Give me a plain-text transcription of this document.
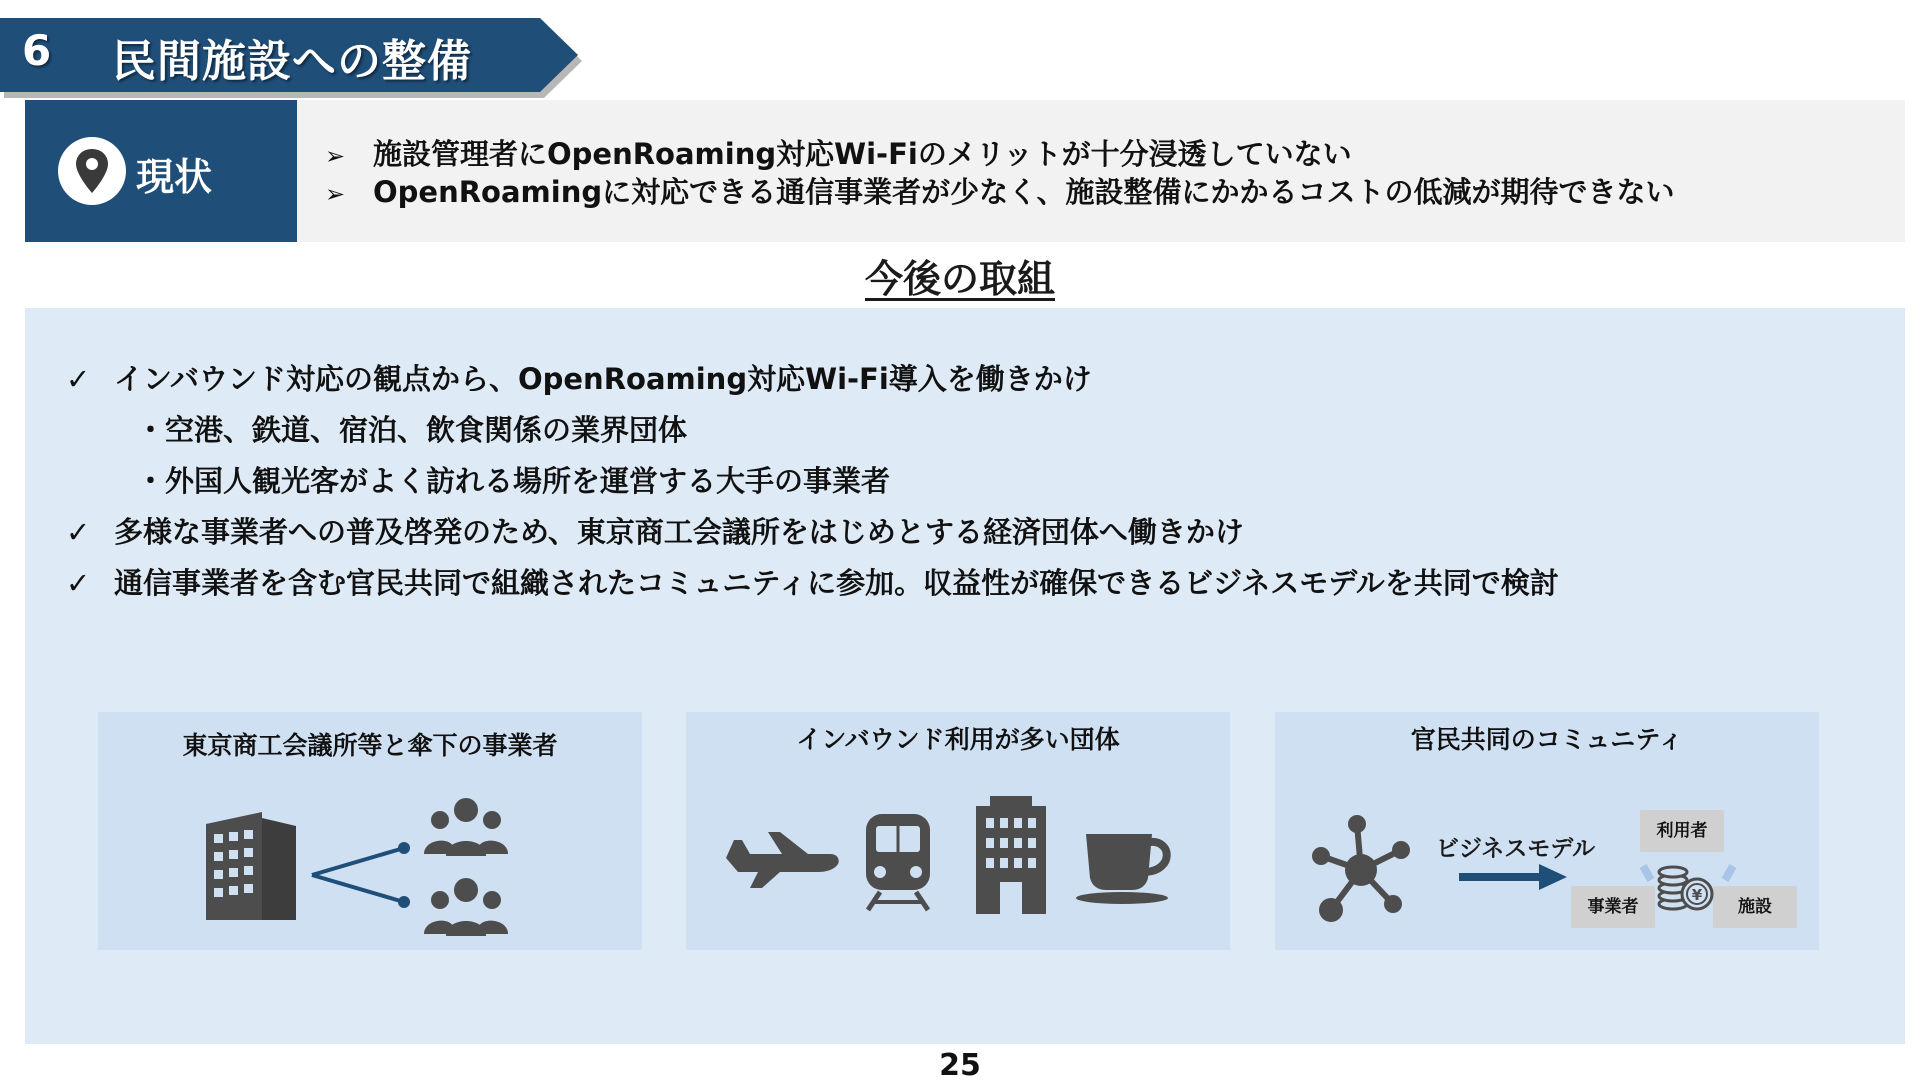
6 民間施設への整備
現状	➢ 施設管理者にOpenRoaming対応Wi-Fiのメリットが十分浸透していない
➢ OpenRoamingに対応できる通信事業者が少なく、施設整備にかかるコストの低減が期待できない
今後の取組
✓ インバウンド対応の観点から、OpenRoaming対応Wi-Fi導入を働きかけ
・空港、鉄道、宿泊、飲食関係の業界団体
・外国人観光客がよく訪れる場所を運営する大手の事業者
✓ 多様な事業者への普及啓発のため、東京商工会議所をはじめとする経済団体へ働きかけ
✓ 通信事業者を含む官民共同で組織されたコミュニティに参加。収益性が確保できるビジネスモデルを共同で検討
東京商工会議所等と傘下の事業者	インバウンド利用が多い団体	官民共同のコミュニティ
ビジネスモデル
利用者
事業者	施設
¥
25
